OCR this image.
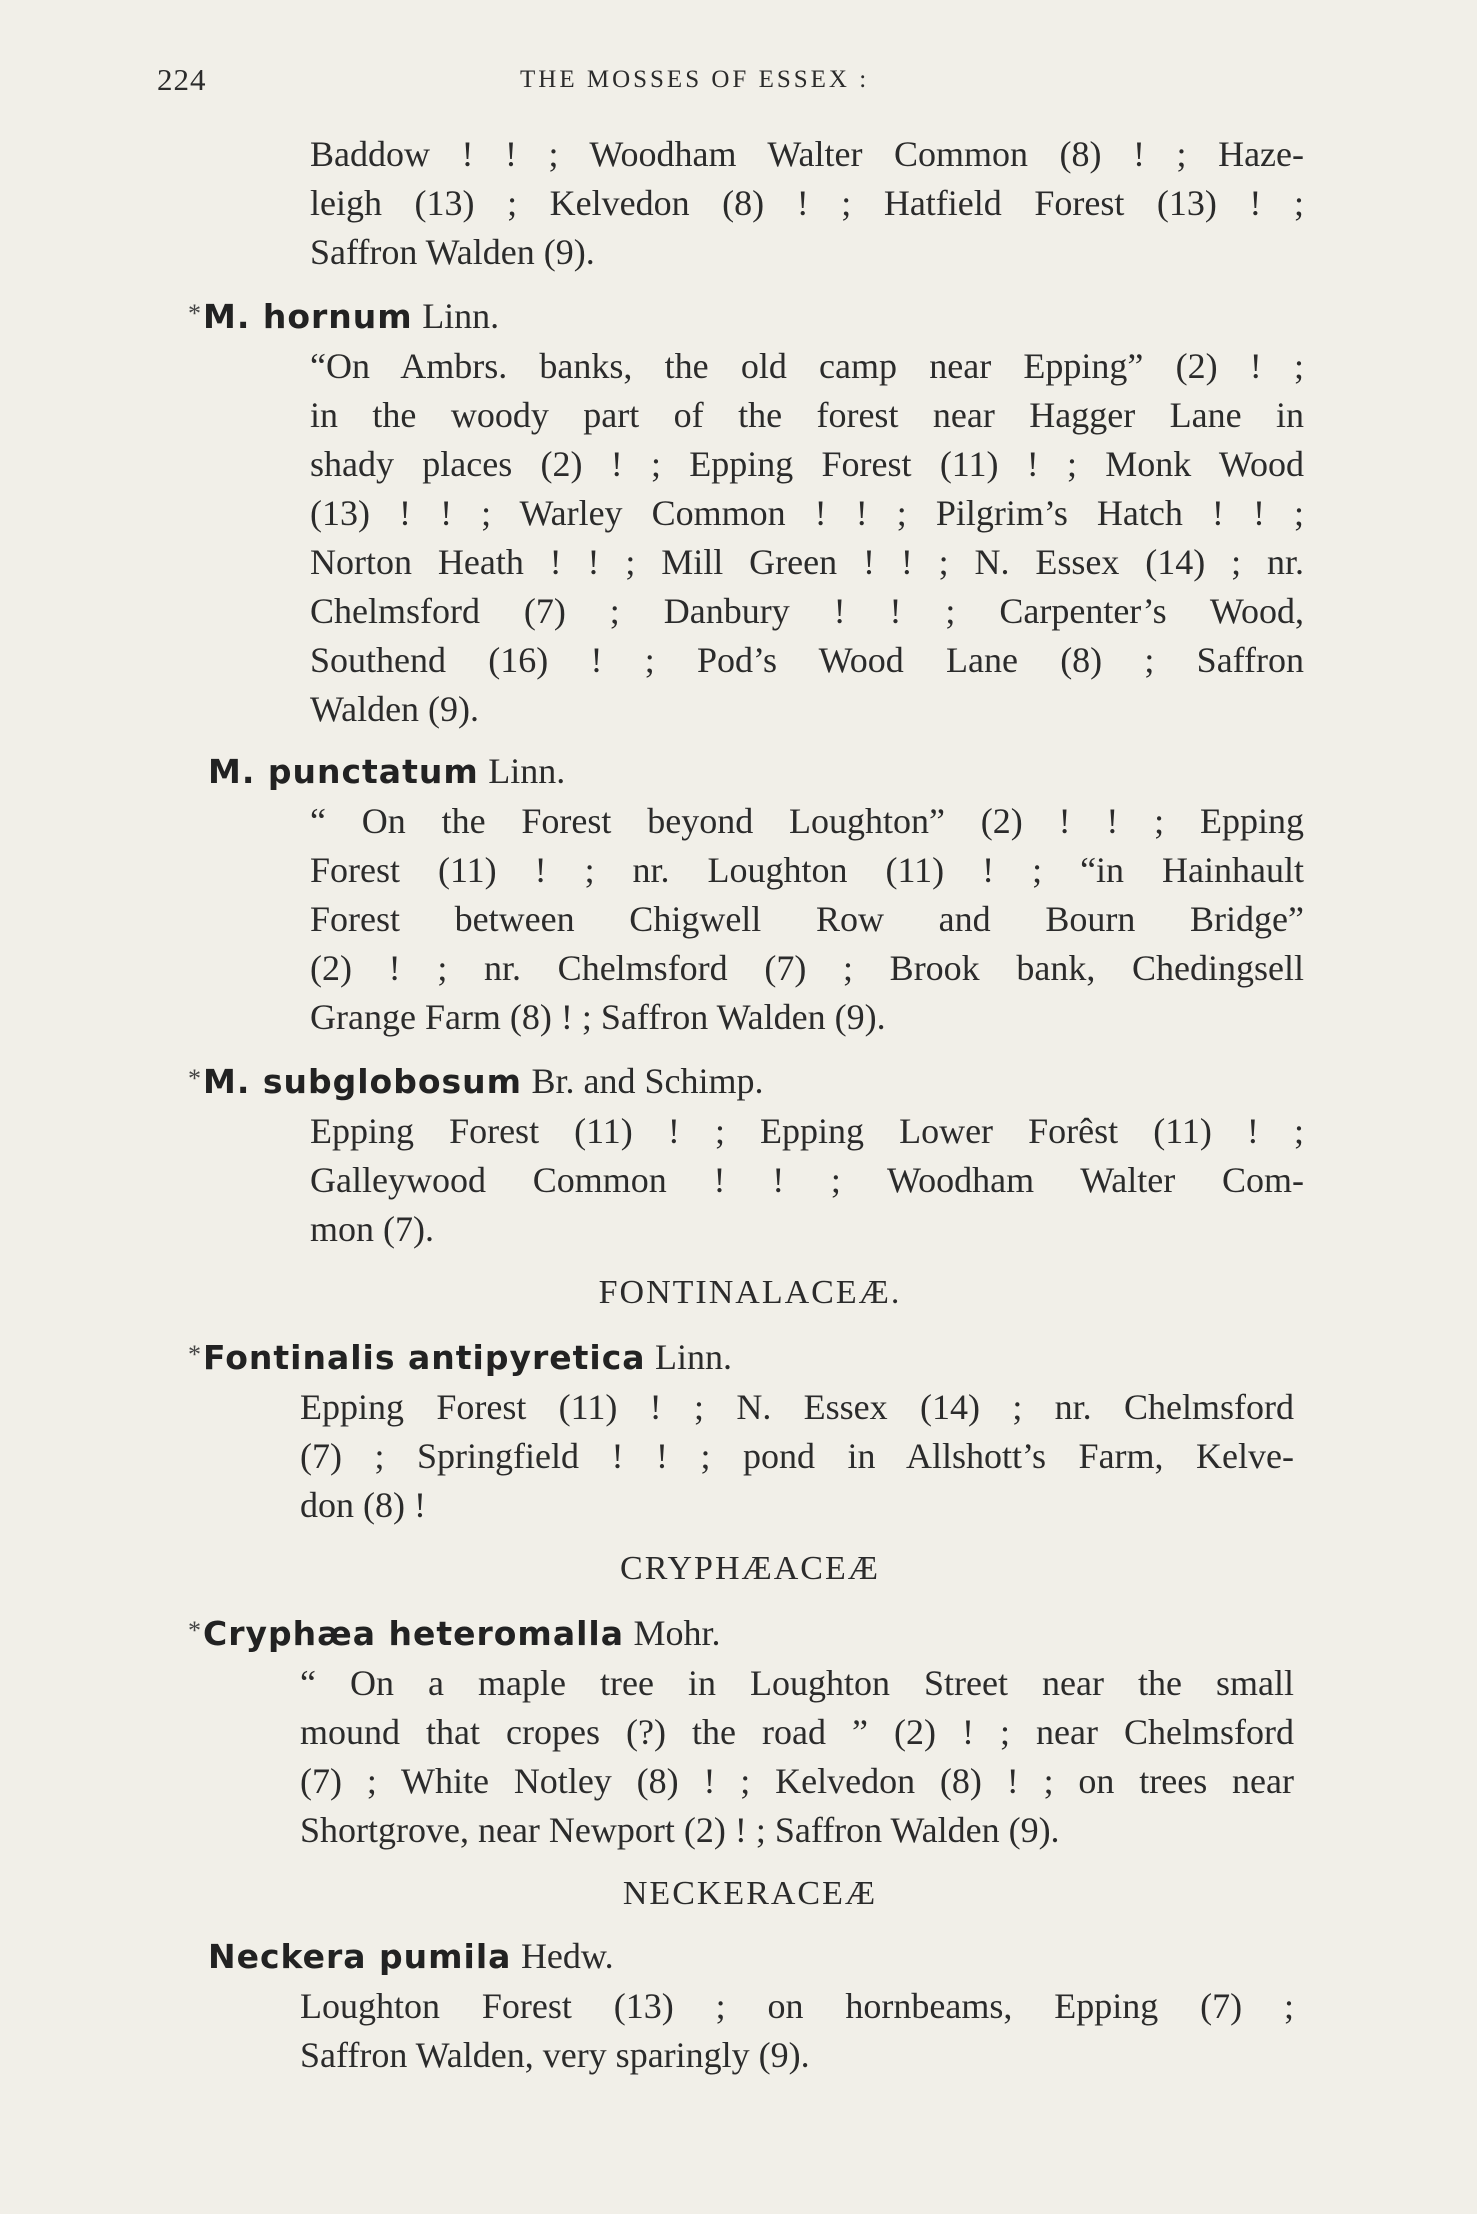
224	THE MOSSES OF ESSEX :
Baddow ! ! ; Woodham Walter Common (8) ! ; Haze-
leigh (13) ; Kelvedon (8) ! ; Hatfield Forest (13) ! ;
Saffron Walden (9).
*M. hornum Linn.
“On Ambrs. banks, the old camp near Epping” (2) ! ;
in the woody part of the forest near Hagger Lane in
shady places (2) ! ; Epping Forest (11) ! ; Monk Wood
(13) ! ! ; Warley Common ! ! ; Pilgrim’s Hatch ! ! ;
Norton Heath ! ! ; Mill Green ! ! ; N. Essex (14) ; nr.
Chelmsford (7) ; Danbury ! ! ; Carpenter’s Wood,
Southend (16) ! ; Pod’s Wood Lane (8) ; Saffron
Walden (9).
M. punctatum Linn.
“ On the Forest beyond Loughton” (2) ! ! ; Epping
Forest (11) ! ; nr. Loughton (11) ! ; “in Hainhault
Forest between Chigwell Row and Bourn Bridge”
(2) ! ; nr. Chelmsford (7) ; Brook bank, Chedingsell
Grange Farm (8) ! ; Saffron Walden (9).
*M. subglobosum Br. and Schimp.
Epping Forest (11) ! ; Epping Lower Forêst (11) ! ;
Galleywood Common ! ! ; Woodham Walter Com-
mon (7).
FONTINALACEÆ.
*Fontinalis antipyretica Linn.
Epping Forest (11) ! ; N. Essex (14) ; nr. Chelmsford
(7) ; Springfield ! ! ; pond in Allshott’s Farm, Kelve-
don (8) !
CRYPHÆACEÆ
*Cryphæa heteromalla Mohr.
“ On a maple tree in Loughton Street near the small
mound that cropes (?) the road ” (2) ! ; near Chelmsford
(7) ; White Notley (8) ! ; Kelvedon (8) ! ; on trees near
Shortgrove, near Newport (2) ! ; Saffron Walden (9).
NECKERACEÆ
Neckera pumila Hedw.
Loughton Forest (13) ; on hornbeams, Epping (7) ;
Saffron Walden, very sparingly (9).
